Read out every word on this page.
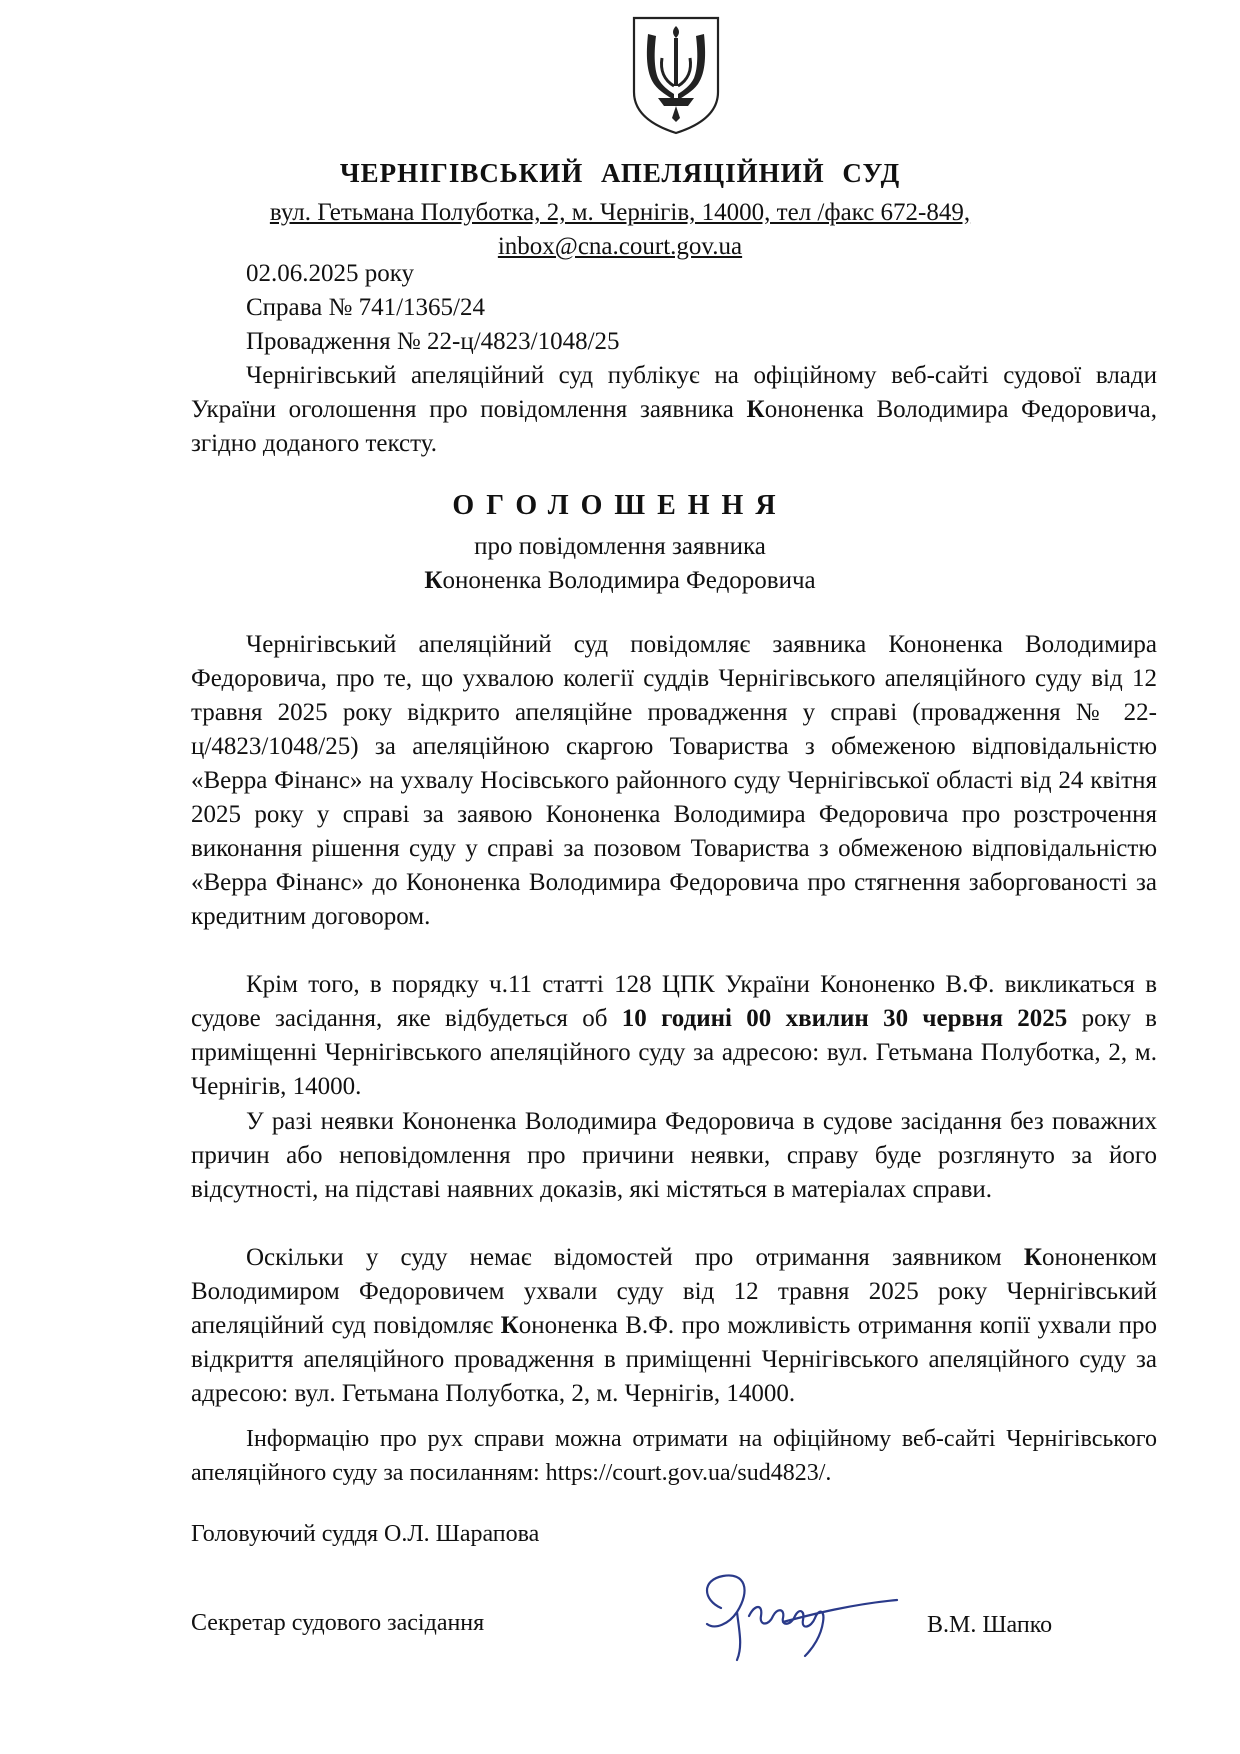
ЧЕРНІГІВСЬКИЙ АПЕЛЯЦІЙНИЙ СУД
вул. Гетьмана Полуботка, 2, м. Чернігів, 14000, тел /факс 672-849,
inbox@cna.court.gov.ua
02.06.2025 року
Справа № 741/1365/24
Провадження № 22-ц/4823/1048/25

Чернігівський апеляційний суд публікує на офіційному веб-сайті судової влади України оголошення про повідомлення заявника Кононенка Володимира Федоровича, згідно доданого тексту.

ОГОЛОШЕННЯ
про повідомлення заявника
Кононенка Володимира Федоровича

Чернігівський апеляційний суд повідомляє заявника Кононенка Володимира Федоровича, про те, що ухвалою колегії суддів Чернігівського апеляційного суду від 12 травня 2025 року відкрито апеляційне провадження у справі (провадження № 22-ц/4823/1048/25) за апеляційною скаргою Товариства з обмеженою відповідальністю «Верра Фінанс» на ухвалу Носівського районного суду Чернігівської області від 24 квітня 2025 року у справі за заявою Кононенка Володимира Федоровича про розстрочення виконання рішення суду у справі за позовом Товариства з обмеженою відповідальністю «Верра Фінанс» до Кононенка Володимира Федоровича про стягнення заборгованості за кредитним договором.

Крім того, в порядку ч.11 статті 128 ЦПК України Кононенко В.Ф. викликаться в судове засідання, яке відбудеться об 10 годині 00 хвилин 30 червня 2025 року в приміщенні Чернігівського апеляційного суду за адресою: вул. Гетьмана Полуботка, 2, м. Чернігів, 14000.

У разі неявки Кононенка Володимира Федоровича в судове засідання без поважних причин або неповідомлення про причини неявки, справу буде розглянуто за його відсутності, на підставі наявних доказів, які містяться в матеріалах справи.

Оскільки у суду немає відомостей про отримання заявником Кононенком Володимиром Федоровичем ухвали суду від 12 травня 2025 року Чернігівський апеляційний суд повідомляє Кононенка В.Ф. про можливість отримання копії ухвали про відкриття апеляційного провадження в приміщенні Чернігівського апеляційного суду за адресою: вул. Гетьмана Полуботка, 2, м. Чернігів, 14000.

Інформацію про рух справи можна отримати на офіційному веб-сайті Чернігівського апеляційного суду за посиланням: https://court.gov.ua/sud4823/.

Головуючий суддя О.Л. Шарапова
Секретар судового засідання	В.М. Шапко
